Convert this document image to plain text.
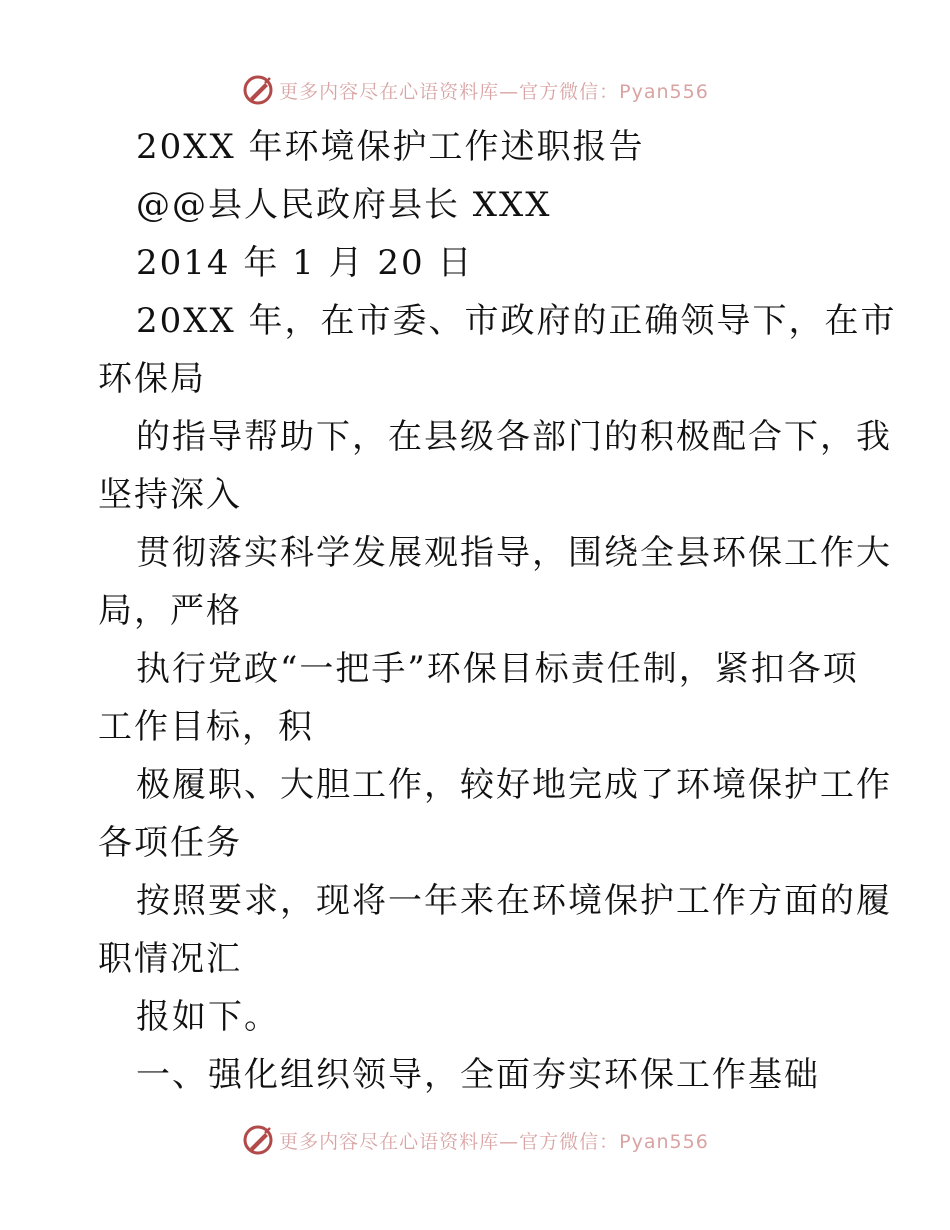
更多内容尽在心语资料库—官方微信：Pyan556
20XX 年环境保护工作述职报告
@@县人民政府县长 XXX
2014 年 1 月 20 日
20XX 年，在市委、市政府的正确领导下，在市
环保局
的指导帮助下，在县级各部门的积极配合下，我
坚持深入
贯彻落实科学发展观指导，围绕全县环保工作大
局，严格
执行党政“一把手”环保目标责任制，紧扣各项
工作目标，积
极履职、大胆工作，较好地完成了环境保护工作
各项任务
按照要求，现将一年来在环境保护工作方面的履
职情况汇
报如下。
一、强化组织领导，全面夯实环保工作基础
更多内容尽在心语资料库—官方微信：Pyan556
